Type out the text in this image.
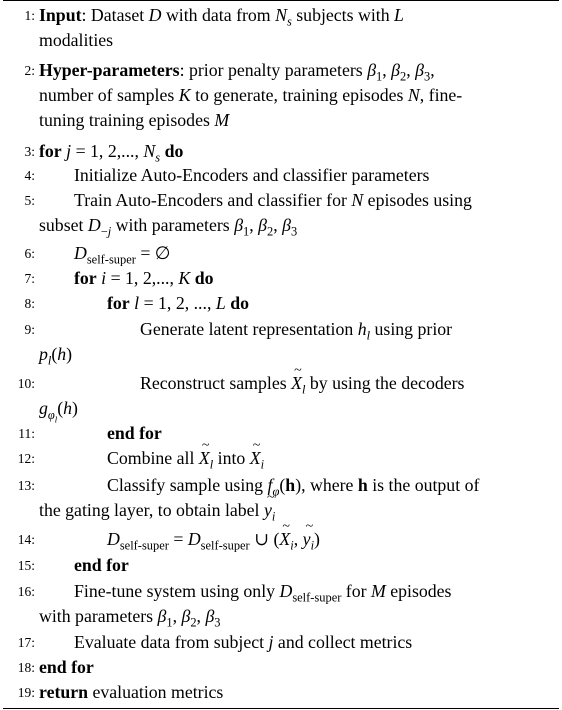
1: Input: Dataset D with data from $N_s$ subjects with L
modalities
2: Hyper-parameters: prior penalty parameters $\beta_1$, $\beta_2$, $\beta_3$,
number of samples K to generate, training episodes N, fine-
tuning training episodes M
3: for j = 1, 2,..., $N_s$ do
4: Initialize Auto-Encoders and classifier parameters
5: Train Auto-Encoders and classifier for N episodes using
subset $D_{-j}$ with parameters $\beta_1$, $\beta_2$, $\beta_3$
6: $D_{self-super}$ = ∅
7: for i = 1, 2,..., K do
8:	for l = 1, 2, ..., L do
9:	Generate latent representation $h_l$ using prior
$p_l(h)$
10:	Reconstruct samples ~ $X_l$ by using the decoders
$g_{\varphi_l}(h)$
11:	end for
12:	Combine all ~ $X_l$ into ~ $X_i$
13:	Classify sample using $f_\varphi(h)$, where h is the output of
the gating layer, to obtain label ~ $y_i$
14:	$D_{self-super} = D_{self-super}$ ∪ (~ $X_i$, ~ $y_i$)
15: end for
16: Fine-tune system using only $D_{self-super}$ for M episodes
with parameters $\beta_1$, $\beta_2$, $\beta_3$
17: Evaluate data from subject j and collect metrics
18: end for
19: return evaluation metrics
